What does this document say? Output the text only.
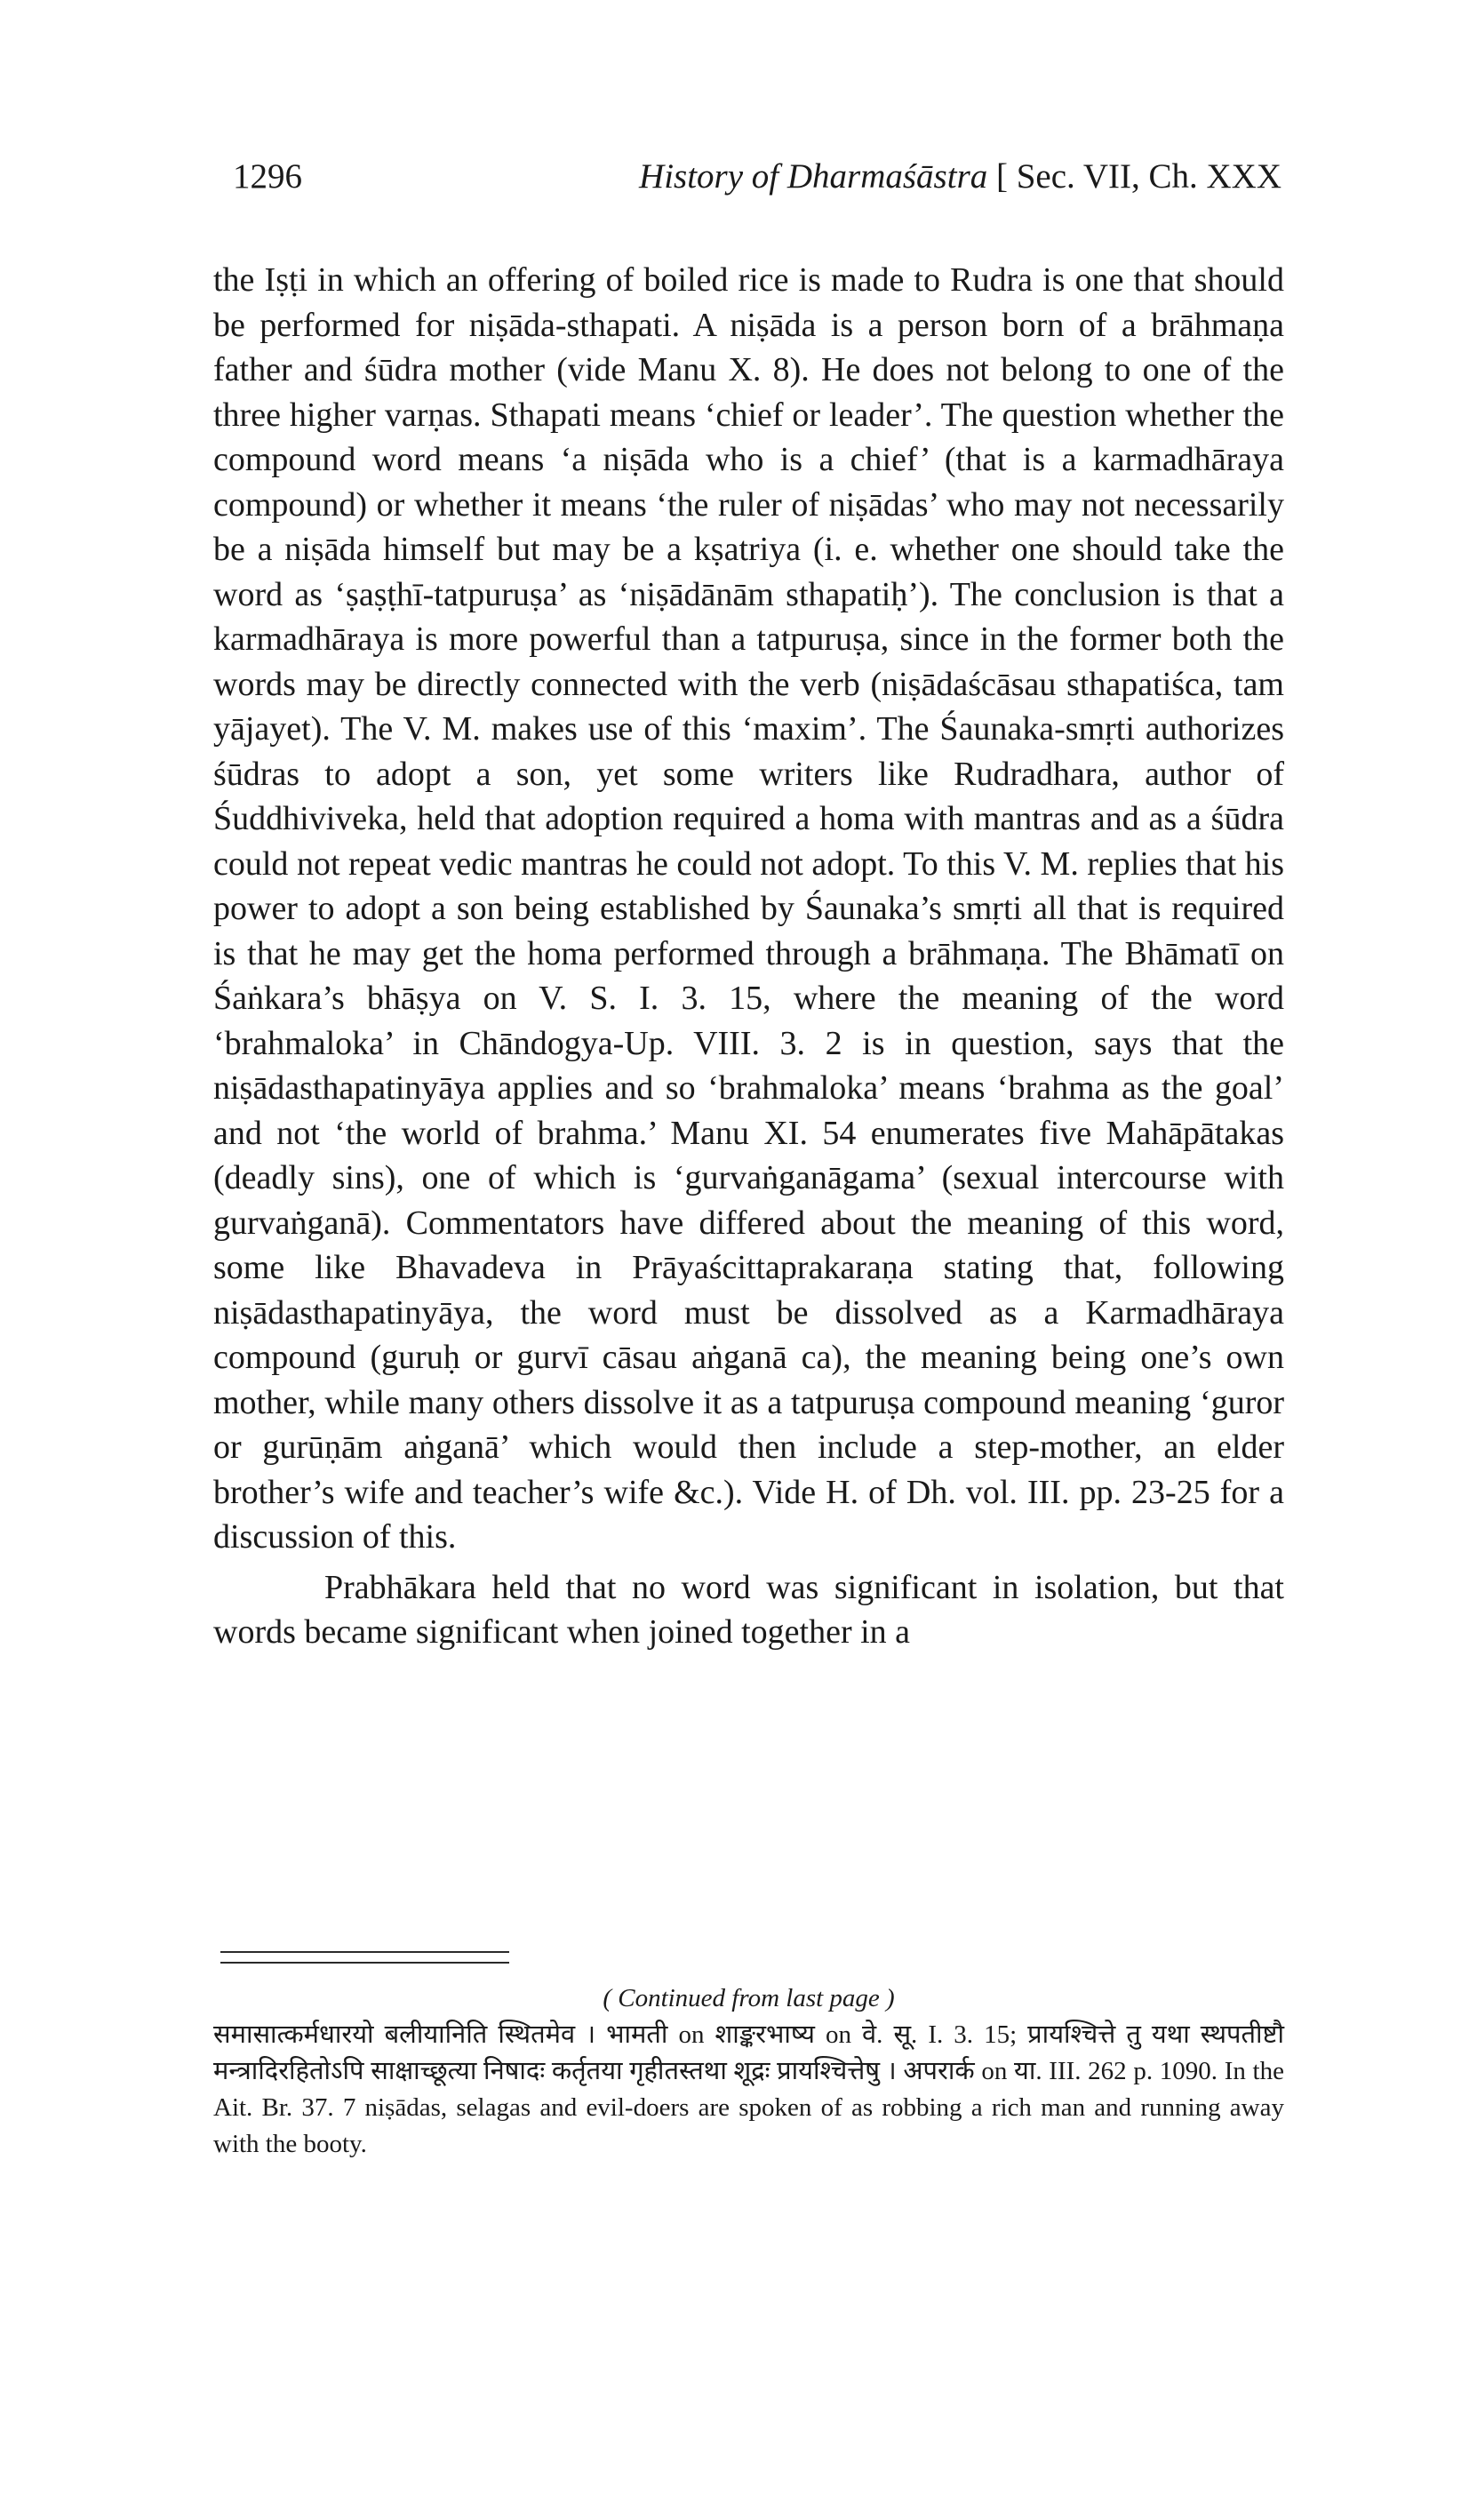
1296	History of Dharmaśāstra [ Sec. VII, Ch. XXX

the Iṣṭi in which an offering of boiled rice is made to Rudra is one that should be performed for niṣāda-sthapati. A niṣāda is a person born of a brāhmaṇa father and śūdra mother (vide Manu X. 8). He does not belong to one of the three higher varṇas. Sthapati means ‘chief or leader’. The question whether the compound word means ‘a niṣāda who is a chief’ (that is a karmadhāraya compound) or whether it means ‘the ruler of niṣādas’ who may not necessarily be a niṣāda himself but may be a kṣatriya (i. e. whether one should take the word as ‘ṣaṣṭhī-tatpuruṣa’ as ‘niṣādānām sthapatiḥ’). The conclusion is that a karmadhāraya is more powerful than a tatpuruṣa, since in the former both the words may be directly connected with the verb (niṣādaścāsau sthapatiśca, tam yājayet). The V. M. makes use of this ‘maxim’. The Śaunaka-smṛti authorizes śūdras to adopt a son, yet some writers like Rudradhara, author of Śuddhiviveka, held that adoption required a homa with mantras and as a śūdra could not repeat vedic mantras he could not adopt. To this V. M. replies that his power to adopt a son being established by Śaunaka’s smṛti all that is required is that he may get the homa performed through a brāhmaṇa. The Bhāmatī on Śaṅkara’s bhāṣya on V. S. I. 3. 15, where the meaning of the word ‘brahmaloka’ in Chāndogya-Up. VIII. 3. 2 is in question, says that the niṣādasthapatinyāya applies and so ‘brahmaloka’ means ‘brahma as the goal’ and not ‘the world of brahma.’ Manu XI. 54 enumerates five Mahāpātakas (deadly sins), one of which is ‘gurvaṅganāgama’ (sexual intercourse with gurvaṅganā). Commentators have differed about the meaning of this word, some like Bhavadeva in Prāyaścittaprakaraṇa stating that, following niṣādasthapatinyāya, the word must be dissolved as a Karmadhāraya compound (guruḥ or gurvī cāsau aṅganā ca), the meaning being one’s own mother, while many others dissolve it as a tatpuruṣa compound meaning ‘guror or gurūṇām aṅganā’ which would then include a step-mother, an elder brother’s wife and teacher’s wife &c.). Vide H. of Dh. vol. III. pp. 23-25 for a discussion of this.

Prabhākara held that no word was significant in isolation, but that words became significant when joined together in a

( Continued from last page )

समासात्कर्मधारयो बलीयानिति स्थितमेव । भामती on शाङ्करभाष्य on वे. सू. I. 3. 15; प्रायश्चित्ते तु यथा स्थपतीष्टौ मन्त्रादिरहितोऽपि साक्षाच्छूत्या निषादः कर्तृतया गृहीतस्तथा शूद्रः प्रायश्चित्तेषु । अपरार्क on या. III. 262 p. 1090. In the Ait. Br. 37. 7 niṣādas, selagas and evil-doers are spoken of as robbing a rich man and running away with the booty.
